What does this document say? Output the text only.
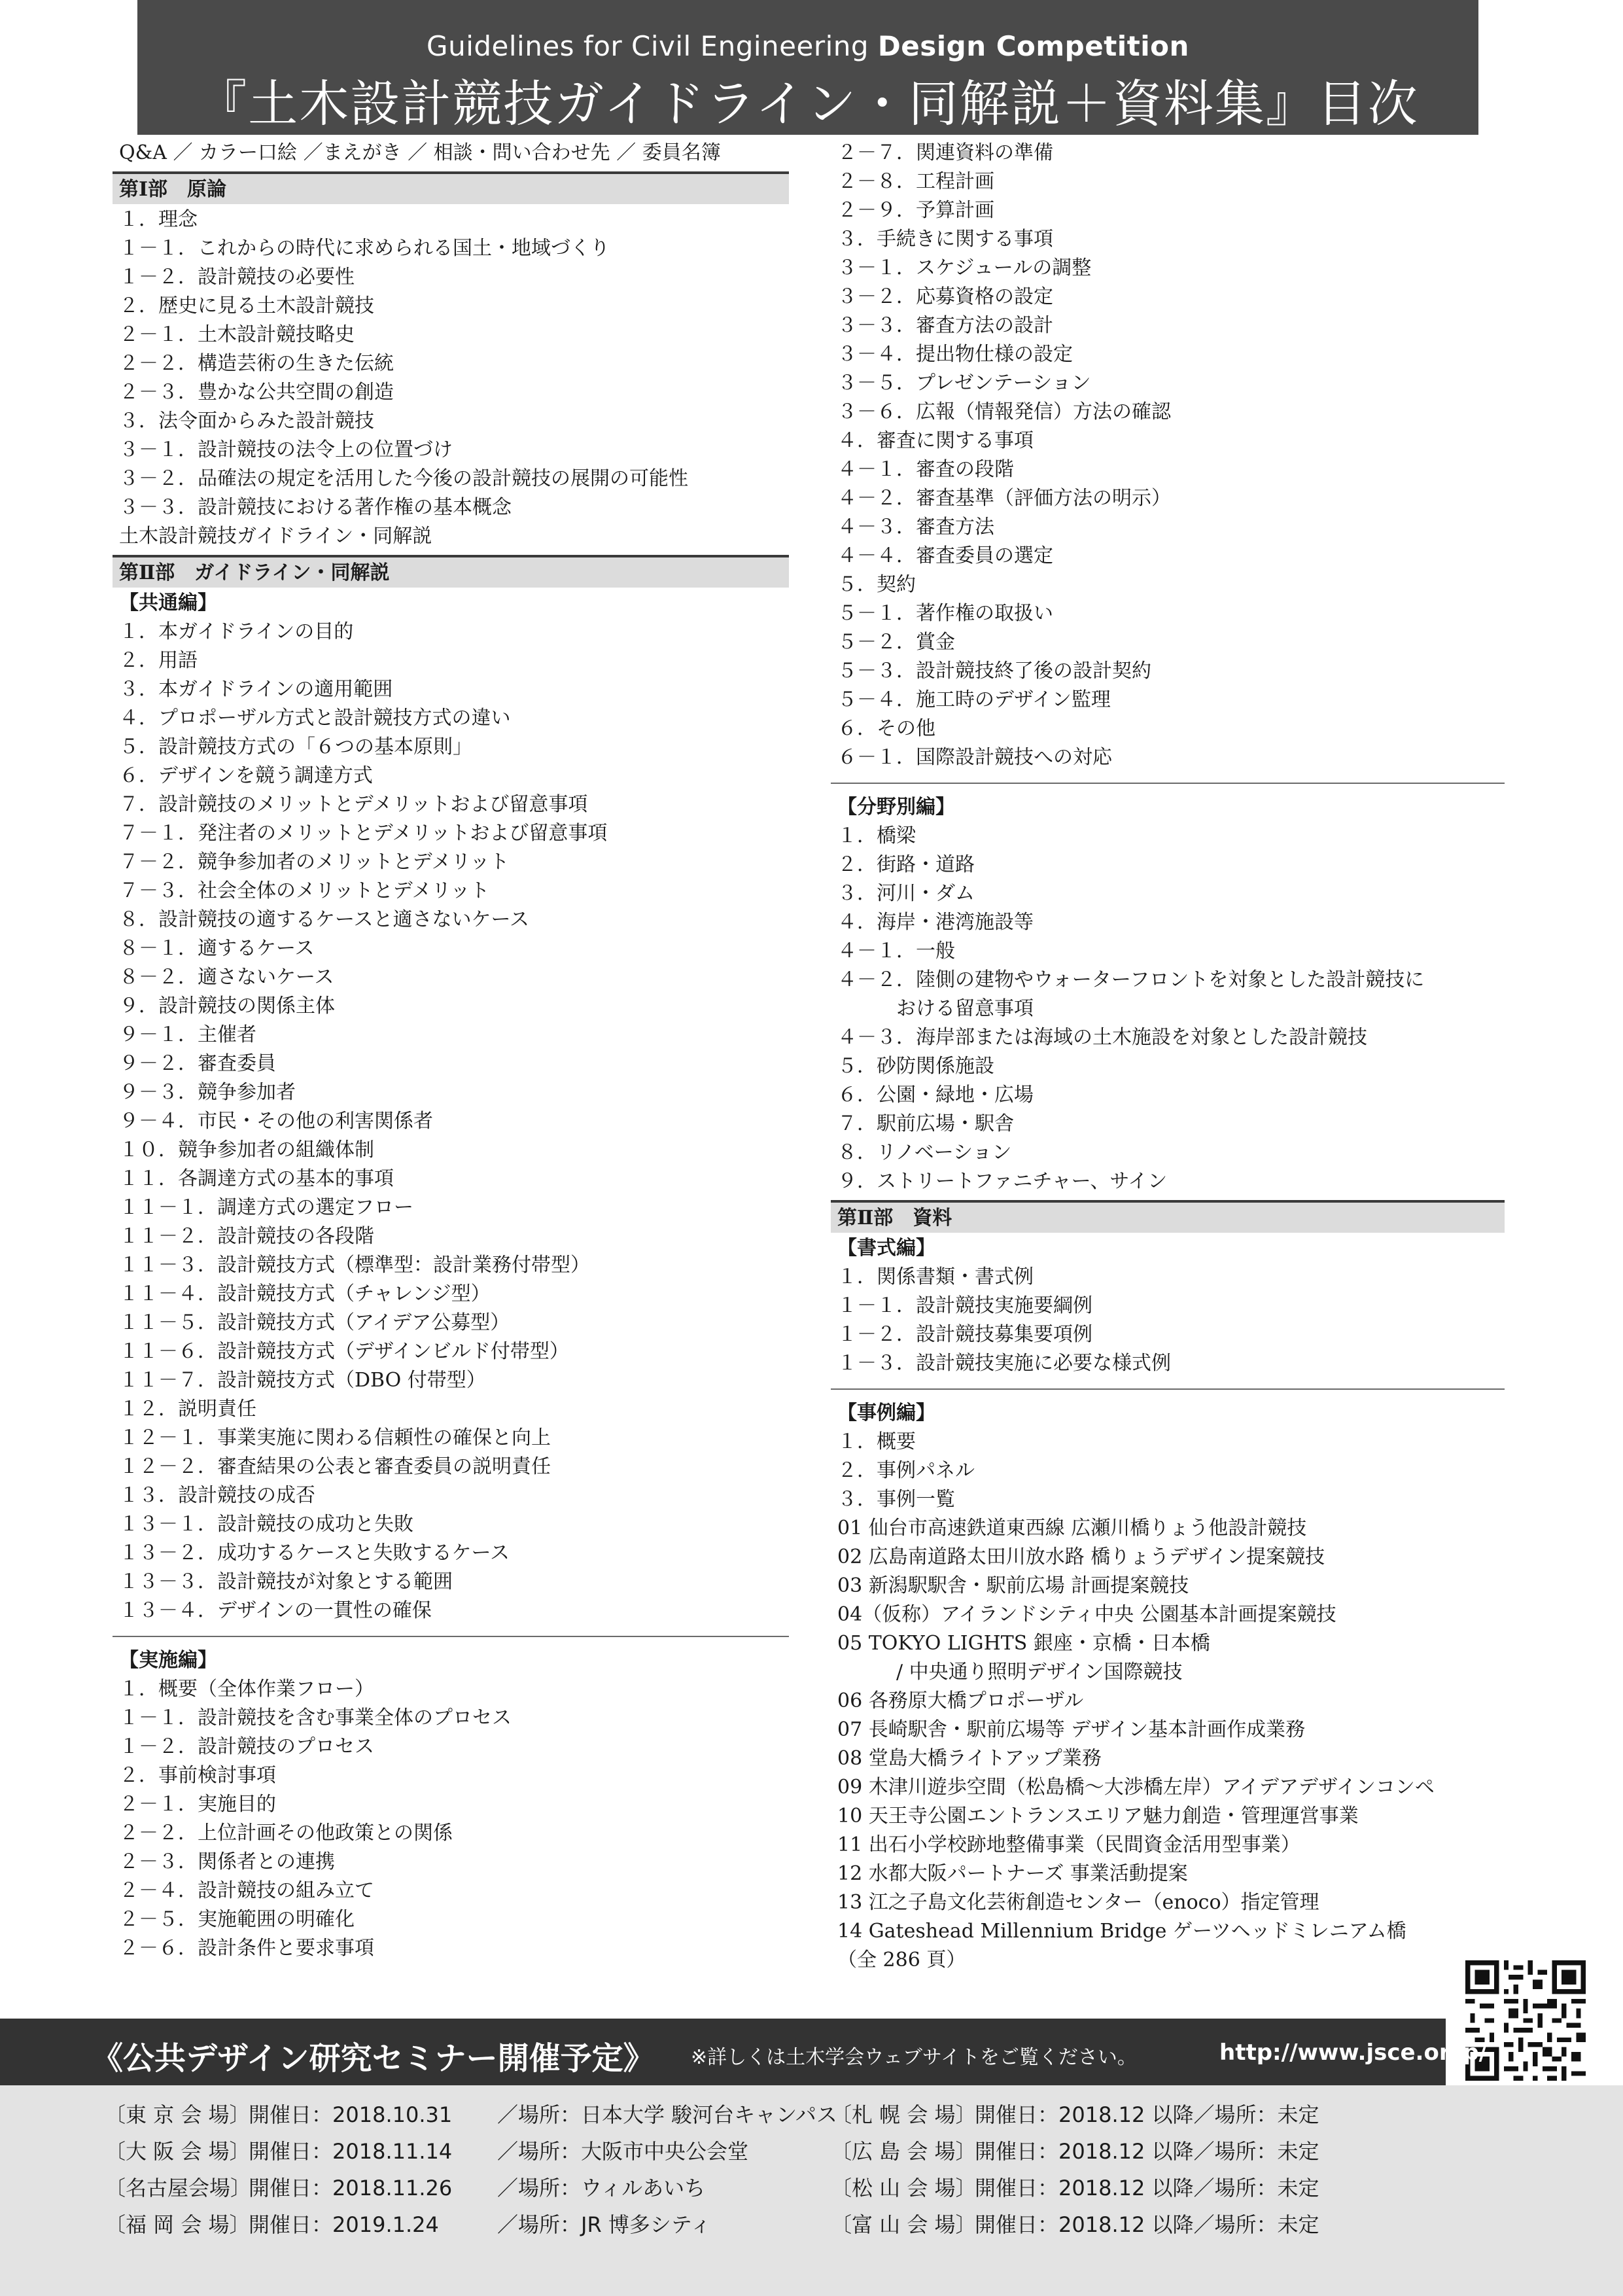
Guidelines for Civil Engineering Design Competition
『土木設計競技ガイドライン・同解説＋資料集』目次
Q&A ／ カラー口絵 ／まえがき ／ 相談・問い合わせ先 ／ 委員名簿
第Ⅰ部　原論
１．理念
１－１．これからの時代に求められる国土・地域づくり
１－２．設計競技の必要性
２．歴史に見る土木設計競技
２－１．土木設計競技略史
２－２．構造芸術の生きた伝統
２－３．豊かな公共空間の創造
３．法令面からみた設計競技
３－１．設計競技の法令上の位置づけ
３－２．品確法の規定を活用した今後の設計競技の展開の可能性
３－３．設計競技における著作権の基本概念
土木設計競技ガイドライン・同解説
第Ⅱ部　ガイドライン・同解説
【共通編】
１．本ガイドラインの目的
２．用語
３．本ガイドラインの適用範囲
４．プロポーザル方式と設計競技方式の違い
５．設計競技方式の「６つの基本原則」
６．デザインを競う調達方式
７．設計競技のメリットとデメリットおよび留意事項
７－１．発注者のメリットとデメリットおよび留意事項
７－２．競争参加者のメリットとデメリット
７－３．社会全体のメリットとデメリット
８．設計競技の適するケースと適さないケース
８－１．適するケース
８－２．適さないケース
９．設計競技の関係主体
９－１．主催者
９－２．審査委員
９－３．競争参加者
９－４．市民・その他の利害関係者
１０．競争参加者の組織体制
１１．各調達方式の基本的事項
１１－１．調達方式の選定フロー
１１－２．設計競技の各段階
１１－３．設計競技方式（標準型：設計業務付帯型）
１１－４．設計競技方式（チャレンジ型）
１１－５．設計競技方式（アイデア公募型）
１１－６．設計競技方式（デザインビルド付帯型）
１１－７．設計競技方式（DBO 付帯型）
１２．説明責任
１２－１．事業実施に関わる信頼性の確保と向上
１２－２．審査結果の公表と審査委員の説明責任
１３．設計競技の成否
１３－１．設計競技の成功と失敗
１３－２．成功するケースと失敗するケース
１３－３．設計競技が対象とする範囲
１３－４．デザインの一貫性の確保
【実施編】
１．概要（全体作業フロー）
１－１．設計競技を含む事業全体のプロセス
１－２．設計競技のプロセス
２．事前検討事項
２－１．実施目的
２－２．上位計画その他政策との関係
２－３．関係者との連携
２－４．設計競技の組み立て
２－５．実施範囲の明確化
２－６．設計条件と要求事項
２－７．関連資料の準備
２－８．工程計画
２－９．予算計画
３．手続きに関する事項
３－１．スケジュールの調整
３－２．応募資格の設定
３－３．審査方法の設計
３－４．提出物仕様の設定
３－５．プレゼンテーション
３－６．広報（情報発信）方法の確認
４．審査に関する事項
４－１．審査の段階
４－２．審査基準（評価方法の明示）
４－３．審査方法
４－４．審査委員の選定
５．契約
５－１．著作権の取扱い
５－２．賞金
５－３．設計競技終了後の設計契約
５－４．施工時のデザイン監理
６．その他
６－１．国際設計競技への対応
【分野別編】
１．橋梁
２．街路・道路
３．河川・ダム
４．海岸・港湾施設等
４－１．一般
４－２．陸側の建物やウォーターフロントを対象とした設計競技に
おける留意事項
４－３．海岸部または海域の土木施設を対象とした設計競技
５．砂防関係施設
６．公園・緑地・広場
７．駅前広場・駅舎
８．リノベーション
９．ストリートファニチャー、サイン
第Ⅱ部　資料
【書式編】
１．関係書類・書式例
１－１．設計競技実施要綱例
１－２．設計競技募集要項例
１－３．設計競技実施に必要な様式例
【事例編】
１．概要
２．事例パネル
３．事例一覧
01 仙台市高速鉄道東西線 広瀬川橋りょう他設計競技
02 広島南道路太田川放水路 橋りょうデザイン提案競技
03 新潟駅駅舎・駅前広場 計画提案競技
04（仮称）アイランドシティ中央 公園基本計画提案競技
05 TOKYO LIGHTS 銀座・京橋・日本橋
/ 中央通り照明デザイン国際競技
06 各務原大橋プロポーザル
07 長崎駅舎・駅前広場等 デザイン基本計画作成業務
08 堂島大橋ライトアップ業務
09 木津川遊歩空間（松島橋～大渉橋左岸）アイデアデザインコンペ
10 天王寺公園エントランスエリア魅力創造・管理運営事業
11 出石小学校跡地整備事業（民間資金活用型事業）
12 水都大阪パートナーズ 事業活動提案
13 江之子島文化芸術創造センター（enoco）指定管理
14 Gateshead Millennium Bridge ゲーツヘッドミレニアム橋
（全 286 頁）
《公共デザイン研究セミナー開催予定》 ※詳しくは土木学会ウェブサイトをご覧ください。	http://www.jsce.or.jp/
〔東 京 会 場〕開催日：2018.10.31 ／場所：日本大学 駿河台キャンパス
〔大 阪 会 場〕開催日：2018.11.14 ／場所：大阪市中央公会堂
〔名古屋会場〕開催日：2018.11.26 ／場所：ウィルあいち
〔福 岡 会 場〕開催日：2019.1.24	／場所：JR 博多シティ
〔札 幌 会 場〕開催日：2018.12 以降／場所：未定
〔広 島 会 場〕開催日：2018.12 以降／場所：未定
〔松 山 会 場〕開催日：2018.12 以降／場所：未定
〔富 山 会 場〕開催日：2018.12 以降／場所：未定
